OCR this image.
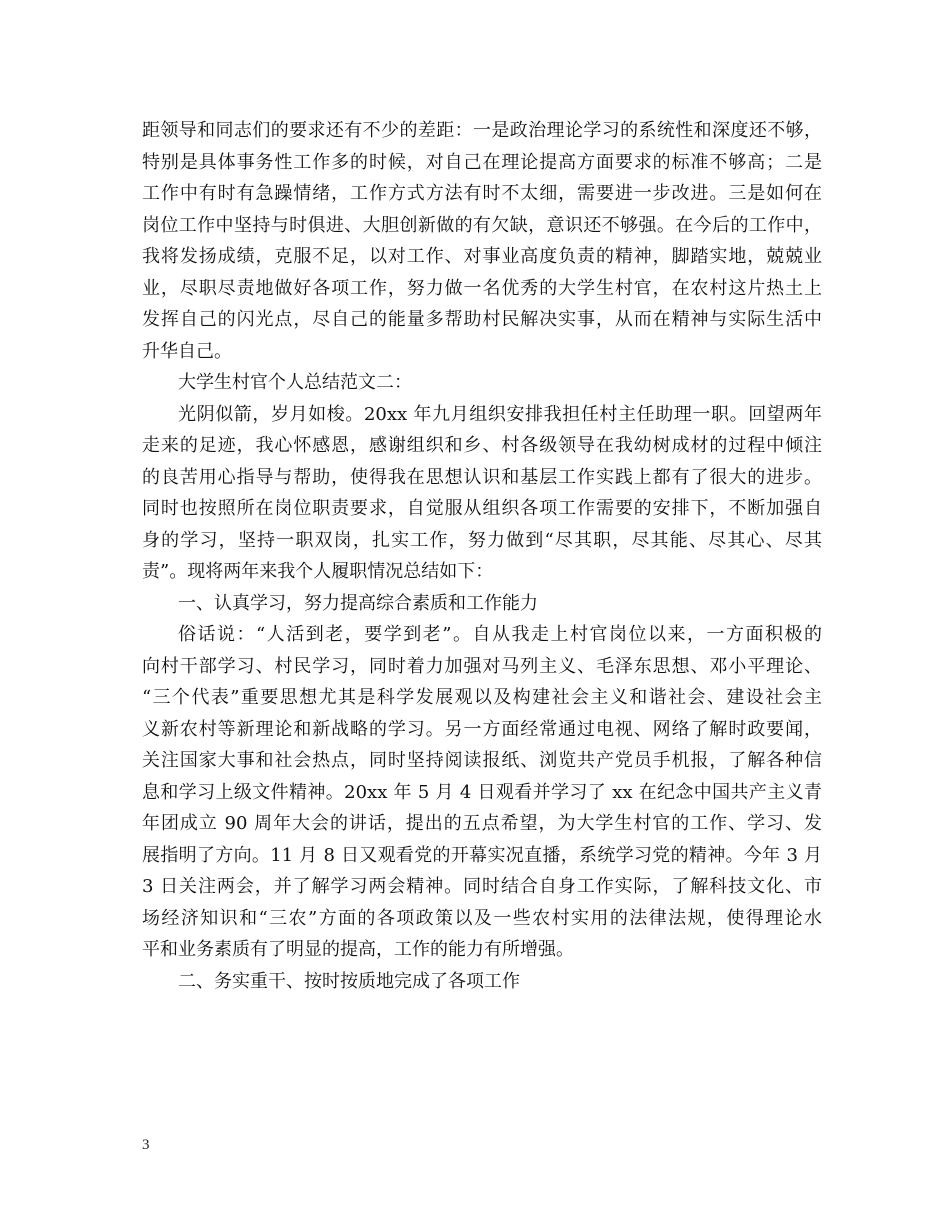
距领导和同志们的要求还有不少的差距：一是政治理论学习的系统性和深度还不够，
特别是具体事务性工作多的时候，对自己在理论提高方面要求的标准不够高；二是
工作中有时有急躁情绪，工作方式方法有时不太细，需要进一步改进。三是如何在
岗位工作中坚持与时俱进、大胆创新做的有欠缺，意识还不够强。在今后的工作中，
我将发扬成绩，克服不足，以对工作、对事业高度负责的精神，脚踏实地，兢兢业
业，尽职尽责地做好各项工作，努力做一名优秀的大学生村官，在农村这片热土上
发挥自己的闪光点，尽自己的能量多帮助村民解决实事，从而在精神与实际生活中
升华自己。
大学生村官个人总结范文二：
光阴似箭，岁月如梭。20xx 年九月组织安排我担任村主任助理一职。回望两年
走来的足迹，我心怀感恩，感谢组织和乡、村各级领导在我幼树成材的过程中倾注
的良苦用心指导与帮助，使得我在思想认识和基层工作实践上都有了很大的进步。
同时也按照所在岗位职责要求，自觉服从组织各项工作需要的安排下，不断加强自
身的学习，坚持一职双岗，扎实工作，努力做到“尽其职，尽其能、尽其心、尽其
责”。现将两年来我个人履职情况总结如下：
一、认真学习，努力提高综合素质和工作能力
俗话说：“人活到老，要学到老”。自从我走上村官岗位以来，一方面积极的
向村干部学习、村民学习，同时着力加强对马列主义、毛泽东思想、邓小平理论、
“三个代表”重要思想尤其是科学发展观以及构建社会主义和谐社会、建设社会主
义新农村等新理论和新战略的学习。另一方面经常通过电视、网络了解时政要闻，
关注国家大事和社会热点，同时坚持阅读报纸、浏览共产党员手机报，了解各种信
息和学习上级文件精神。20xx 年 5 月 4 日观看并学习了 xx 在纪念中国共产主义青
年团成立 90 周年大会的讲话，提出的五点希望，为大学生村官的工作、学习、发
展指明了方向。11 月 8 日又观看党的开幕实况直播，系统学习党的精神。今年 3 月
3 日关注两会，并了解学习两会精神。同时结合自身工作实际，了解科技文化、市
场经济知识和“三农”方面的各项政策以及一些农村实用的法律法规，使得理论水
平和业务素质有了明显的提高，工作的能力有所增强。
二、务实重干、按时按质地完成了各项工作
3
